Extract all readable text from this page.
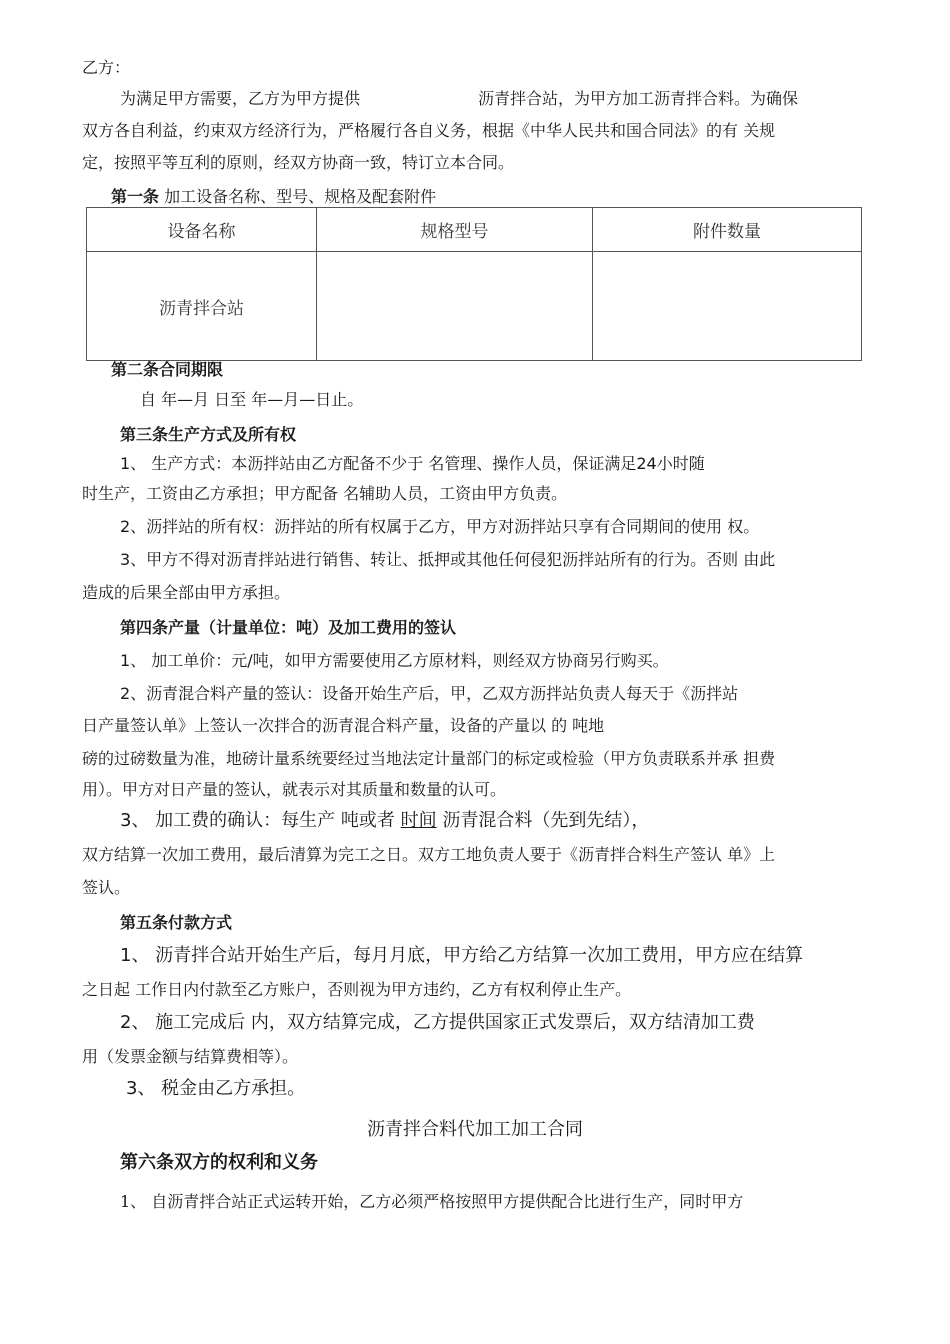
乙方：
为满足甲方需要，乙方为甲方提供	沥青拌合站，为甲方加工沥青拌合料。为确保
双方各自利益，约束双方经济行为，严格履行各自义务，根据《中华人民共和国合同法》的有 关规
定，按照平等互利的原则，经双方协商一致，特订立本合同。
第一条 加工设备名称、型号、规格及配套附件
设备名称	规格型号	附件数量
沥青拌合站		
第二条合同期限
自 年—月 日至 年—月—日止。
第三条生产方式及所有权
1、 生产方式：本沥拌站由乙方配备不少于 名管理、操作人员，保证满足24小时随
时生产，工资由乙方承担；甲方配备 名辅助人员，工资由甲方负责。
2、沥拌站的所有权：沥拌站的所有权属于乙方，甲方对沥拌站只享有合同期间的使用 权。
3、甲方不得对沥青拌站进行销售、转让、抵押或其他任何侵犯沥拌站所有的行为。否则 由此
造成的后果全部由甲方承担。
第四条产量（计量单位：吨）及加工费用的签认
1、 加工单价：元/吨，如甲方需要使用乙方原材料，则经双方协商另行购买。
2、沥青混合料产量的签认：设备开始生产后，甲，乙双方沥拌站负责人每天于《沥拌站
日产量签认单》上签认一次拌合的沥青混合料产量，设备的产量以 的 吨地
磅的过磅数量为准，地磅计量系统要经过当地法定计量部门的标定或检验（甲方负责联系并承 担费
用）。甲方对日产量的签认，就表示对其质量和数量的认可。
3、 加工费的确认：每生产 吨或者 时间 沥青混合料（先到先结），
双方结算一次加工费用，最后清算为完工之日。双方工地负责人要于《沥青拌合料生产签认 单》上
签认。
第五条付款方式
1、 沥青拌合站开始生产后，每月月底，甲方给乙方结算一次加工费用，甲方应在结算
之日起 工作日内付款至乙方账户，否则视为甲方违约，乙方有权利停止生产。
2、 施工完成后 内，双方结算完成，乙方提供国家正式发票后，双方结清加工费
用（发票金额与结算费相等）。
3、 税金由乙方承担。
沥青拌合料代加工加工合同
第六条双方的权利和义务
1、 自沥青拌合站正式运转开始，乙方必须严格按照甲方提供配合比进行生产，同时甲方
